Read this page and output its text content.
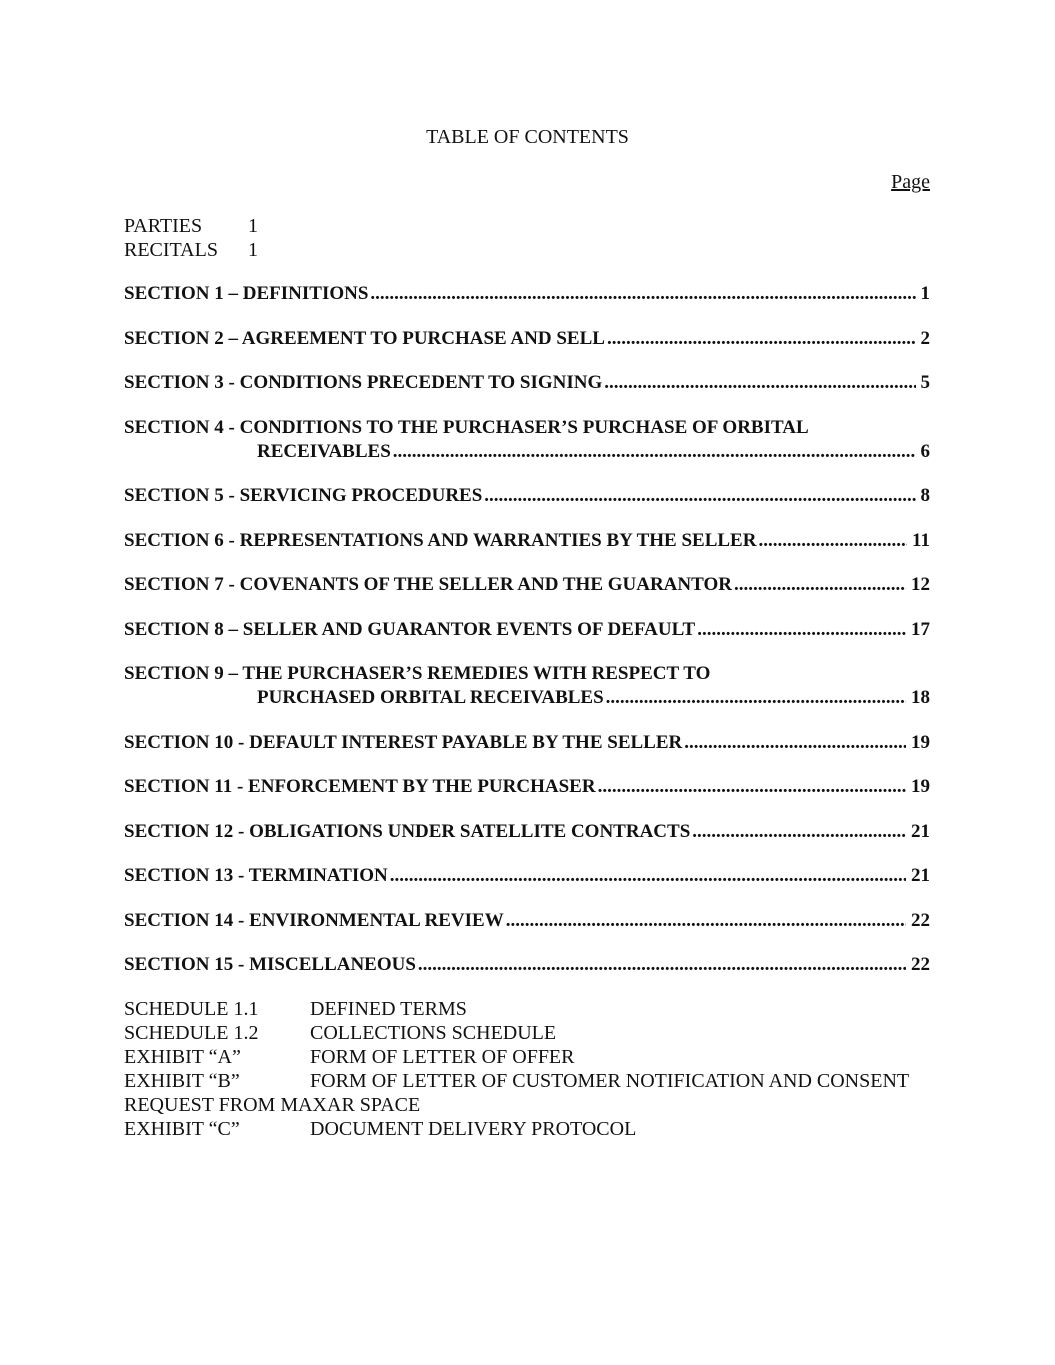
TABLE OF CONTENTS
Page
PARTIES	1
RECITALS	1
SECTION 1 – DEFINITIONS .....	1
SECTION 2 – AGREEMENT TO PURCHASE AND SELL .....	2
SECTION 3 - CONDITIONS PRECEDENT TO SIGNING .....	5
SECTION 4 - CONDITIONS TO THE PURCHASER’S PURCHASE OF ORBITAL
RECEIVABLES .....	6
SECTION 5 - SERVICING PROCEDURES .....	8
SECTION 6 - REPRESENTATIONS AND WARRANTIES BY THE SELLER .....	11
SECTION 7 - COVENANTS OF THE SELLER AND THE GUARANTOR .....	12
SECTION 8 – SELLER AND GUARANTOR EVENTS OF DEFAULT .....	17
SECTION 9 – THE PURCHASER’S REMEDIES WITH RESPECT TO
PURCHASED ORBITAL RECEIVABLES .....	18
SECTION 10 - DEFAULT INTEREST PAYABLE BY THE SELLER .....	19
SECTION 11 - ENFORCEMENT BY THE PURCHASER .....	19
SECTION 12 - OBLIGATIONS UNDER SATELLITE CONTRACTS .....	21
SECTION 13 - TERMINATION .....	21
SECTION 14 - ENVIRONMENTAL REVIEW .....	22
SECTION 15 - MISCELLANEOUS .....	22
SCHEDULE 1.1	DEFINED TERMS
SCHEDULE 1.2	COLLECTIONS SCHEDULE
EXHIBIT “A”	FORM OF LETTER OF OFFER
EXHIBIT “B”	FORM OF LETTER OF CUSTOMER NOTIFICATION AND CONSENT
REQUEST FROM MAXAR SPACE
EXHIBIT “C”	DOCUMENT DELIVERY PROTOCOL
